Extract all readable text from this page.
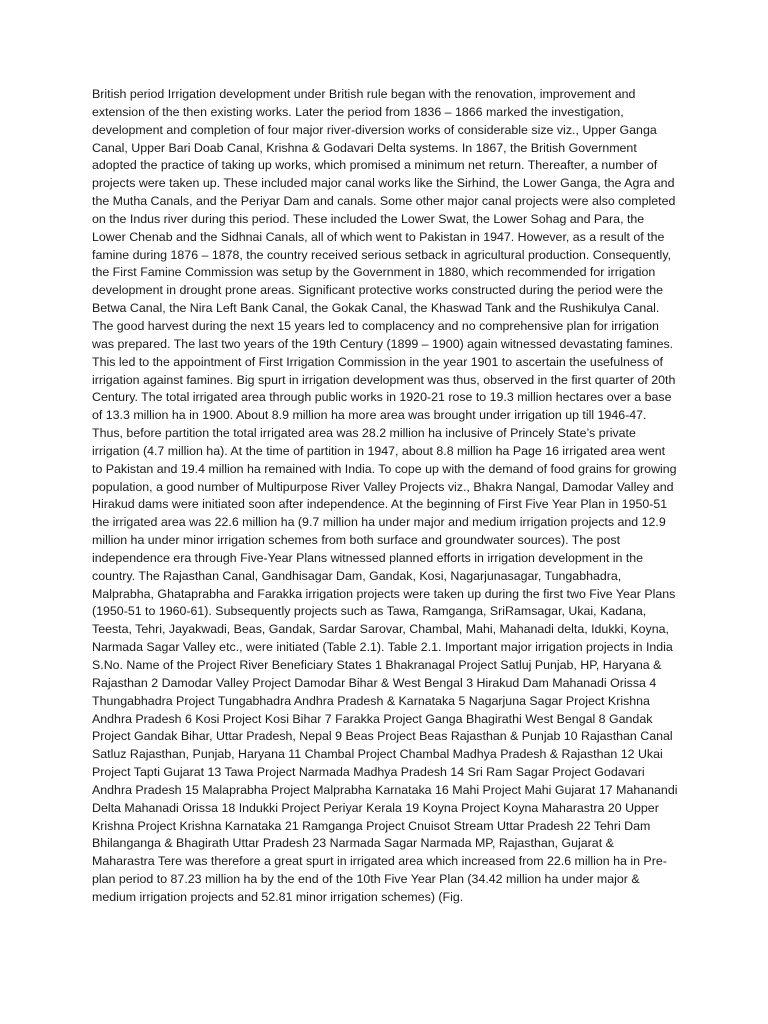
British period Irrigation development under British rule began with the renovation, improvement and extension of the then existing works. Later the period from 1836 – 1866 marked the investigation, development and completion of four major river-diversion works of considerable size viz., Upper Ganga Canal, Upper Bari Doab Canal, Krishna & Godavari Delta systems. In 1867, the British Government adopted the practice of taking up works, which promised a minimum net return. Thereafter, a number of projects were taken up. These included major canal works like the Sirhind, the Lower Ganga, the Agra and the Mutha Canals, and the Periyar Dam and canals. Some other major canal projects were also completed on the Indus river during this period. These included the Lower Swat, the Lower Sohag and Para, the Lower Chenab and the Sidhnai Canals, all of which went to Pakistan in 1947. However, as a result of the famine during 1876 – 1878, the country received serious setback in agricultural production. Consequently, the First Famine Commission was setup by the Government in 1880, which recommended for irrigation development in drought prone areas. Significant protective works constructed during the period were the Betwa Canal, the Nira Left Bank Canal, the Gokak Canal, the Khaswad Tank and the Rushikulya Canal. The good harvest during the next 15 years led to complacency and no comprehensive plan for irrigation was prepared. The last two years of the 19th Century (1899 – 1900) again witnessed devastating famines. This led to the appointment of First Irrigation Commission in the year 1901 to ascertain the usefulness of irrigation against famines. Big spurt in irrigation development was thus, observed in the first quarter of 20th Century. The total irrigated area through public works in 1920-21 rose to 19.3 million hectares over a base of 13.3 million ha in 1900. About 8.9 million ha more area was brought under irrigation up till 1946-47. Thus, before partition the total irrigated area was 28.2 million ha inclusive of Princely State’s private irrigation (4.7 million ha). At the time of partition in 1947, about 8.8 million ha Page 16 irrigated area went to Pakistan and 19.4 million ha remained with India. To cope up with the demand of food grains for growing population, a good number of Multipurpose River Valley Projects viz., Bhakra Nangal, Damodar Valley and Hirakud dams were initiated soon after independence. At the beginning of First Five Year Plan in 1950-51 the irrigated area was 22.6 million ha (9.7 million ha under major and medium irrigation projects and 12.9 million ha under minor irrigation schemes from both surface and groundwater sources). The post independence era through Five-Year Plans witnessed planned efforts in irrigation development in the country. The Rajasthan Canal, Gandhisagar Dam, Gandak, Kosi, Nagarjunasagar, Tungabhadra, Malprabha, Ghataprabha and Farakka irrigation projects were taken up during the first two Five Year Plans (1950-51 to 1960-61). Subsequently projects such as Tawa, Ramganga, SriRamsagar, Ukai, Kadana, Teesta, Tehri, Jayakwadi, Beas, Gandak, Sardar Sarovar, Chambal, Mahi, Mahanadi delta, Idukki, Koyna, Narmada Sagar Valley etc., were initiated (Table 2.1). Table 2.1. Important major irrigation projects in India S.No. Name of the Project River Beneficiary States 1 Bhakranagal Project Satluj Punjab, HP, Haryana & Rajasthan 2 Damodar Valley Project Damodar Bihar & West Bengal 3 Hirakud Dam Mahanadi Orissa 4 Thungabhadra Project Tungabhadra Andhra Pradesh & Karnataka 5 Nagarjuna Sagar Project Krishna Andhra Pradesh 6 Kosi Project Kosi Bihar 7 Farakka Project Ganga Bhagirathi West Bengal 8 Gandak Project Gandak Bihar, Uttar Pradesh, Nepal 9 Beas Project Beas Rajasthan & Punjab 10 Rajasthan Canal Satluz Rajasthan, Punjab, Haryana 11 Chambal Project Chambal Madhya Pradesh & Rajasthan 12 Ukai Project Tapti Gujarat 13 Tawa Project Narmada Madhya Pradesh 14 Sri Ram Sagar Project Godavari Andhra Pradesh 15 Malaprabha Project Malprabha Karnataka 16 Mahi Project Mahi Gujarat 17 Mahanandi Delta Mahanadi Orissa 18 Indukki Project Periyar Kerala 19 Koyna Project Koyna Maharastra 20 Upper Krishna Project Krishna Karnataka 21 Ramganga Project Cnuisot Stream Uttar Pradesh 22 Tehri Dam Bhilanganga & Bhagirath Uttar Pradesh 23 Narmada Sagar Narmada MP, Rajasthan, Gujarat & Maharastra Tere was therefore a great spurt in irrigated area which increased from 22.6 million ha in Pre-plan period to 87.23 million ha by the end of the 10th Five Year Plan (34.42 million ha under major & medium irrigation projects and 52.81 minor irrigation schemes) (Fig.
